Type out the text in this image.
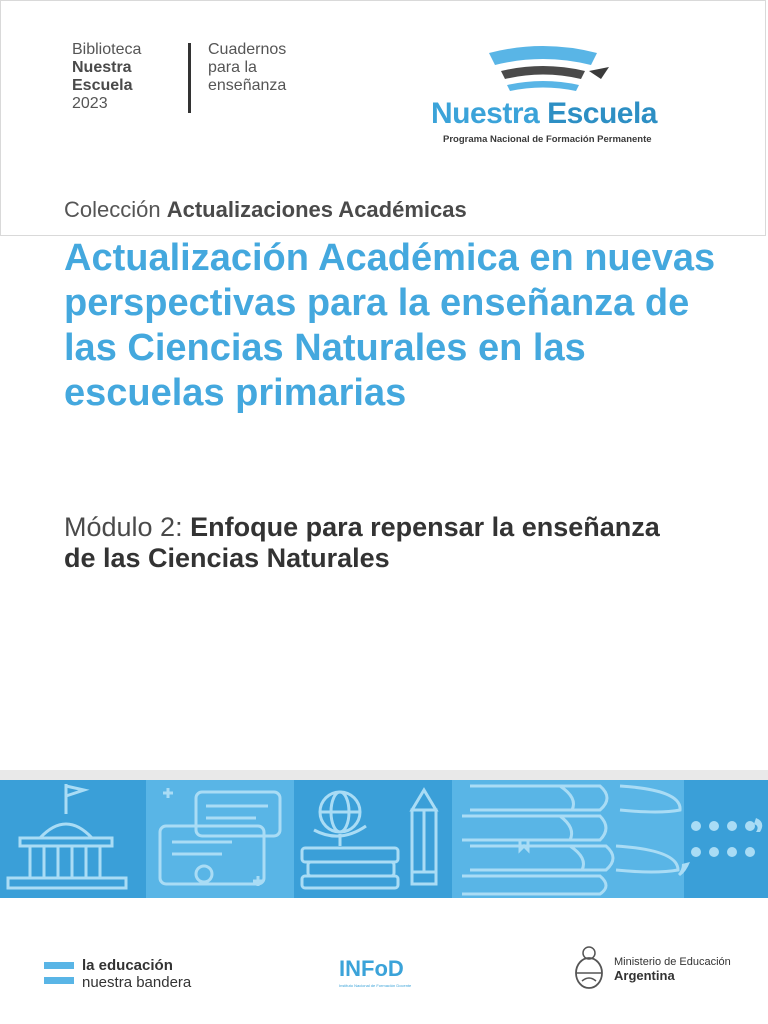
Biblioteca
Nuestra
Escuela
2023
Cuadernos
para la
enseñanza
Nuestra Escuela
Programa Nacional de Formación Permanente
Colección Actualizaciones Académicas
Actualización Académica en nuevas perspectivas para la enseñanza de las Ciencias Naturales en las escuelas primarias
Módulo 2: Enfoque para repensar la enseñanza de las Ciencias Naturales
la educación
nuestra bandera
INFoD
Instituto Nacional de Formación Docente
Ministerio de Educación
Argentina
